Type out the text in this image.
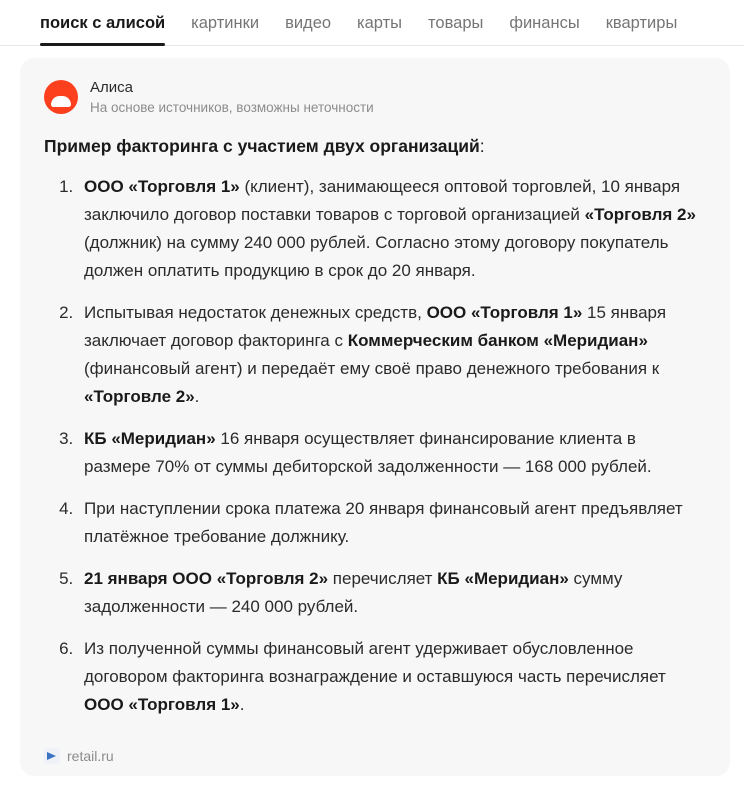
поиск с алисой	картинки	видео	карты	товары	финансы	квартиры
Алиса
На основе источников, возможны неточности

Пример факторинга с участием двух организаций:

1. ООО «Торговля 1» (клиент), занимающееся оптовой торговлей, 10 января заключило договор поставки товаров с торговой организацией «Торговля 2» (должник) на сумму 240 000 рублей. Согласно этому договору покупатель должен оплатить продукцию в срок до 20 января.
2. Испытывая недостаток денежных средств, ООО «Торговля 1» 15 января заключает договор факторинга с Коммерческим банком «Меридиан» (финансовый агент) и передаёт ему своё право денежного требования к «Торговле 2».
3. КБ «Меридиан» 16 января осуществляет финансирование клиента в размере 70% от суммы дебиторской задолженности — 168 000 рублей.
4. При наступлении срока платежа 20 января финансовый агент предъявляет платёжное требование должнику.
5. 21 января ООО «Торговля 2» перечисляет КБ «Меридиан» сумму задолженности — 240 000 рублей.
6. Из полученной суммы финансовый агент удерживает обусловленное договором факторинга вознаграждение и оставшуюся часть перечисляет ООО «Торговля 1».
retail.ru
